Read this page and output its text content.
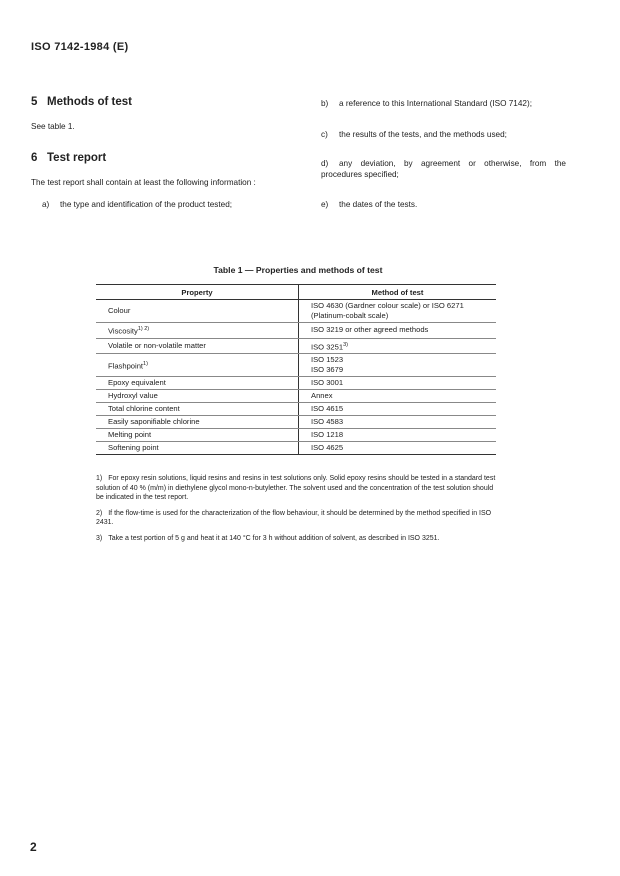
ISO 7142-1984 (E)
5 Methods of test
See table 1.
6 Test report
The test report shall contain at least the following information :
a) the type and identification of the product tested;
b) a reference to this International Standard (ISO 7142);
c) the results of the tests, and the methods used;
d) any deviation, by agreement or otherwise, from the procedures specified;
e) the dates of the tests.
Table 1 — Properties and methods of test
Property	Method of test
Colour	ISO 4630 (Gardner colour scale) or ISO 6271
(Platinum-cobalt scale)
Viscosity$^{1) 2)}$	ISO 3219 or other agreed methods
Volatile or non-volatile matter	ISO 3251$^{3)}$
Flashpoint$^{1)}$	ISO 1523
ISO 3679
Epoxy equivalent	ISO 3001
Hydroxyl value	Annex
Total chlorine content	ISO 4615
Easily saponifiable chlorine	ISO 4583
Melting point	ISO 1218
Softening point	ISO 4625

1) For epoxy resin solutions, liquid resins and resins in test solutions only. Solid epoxy resins should be tested in a standard test solution of 40 % (m/m) in diethylene glycol mono-n-butylether. The solvent used and the concentration of the test solution should be indicated in the test report.

2) If the flow-time is used for the characterization of the flow behaviour, it should be determined by the method specified in ISO 2431.

3) Take a test portion of 5 g and heat it at 140 °C for 3 h without addition of solvent, as described in ISO 3251.

2
